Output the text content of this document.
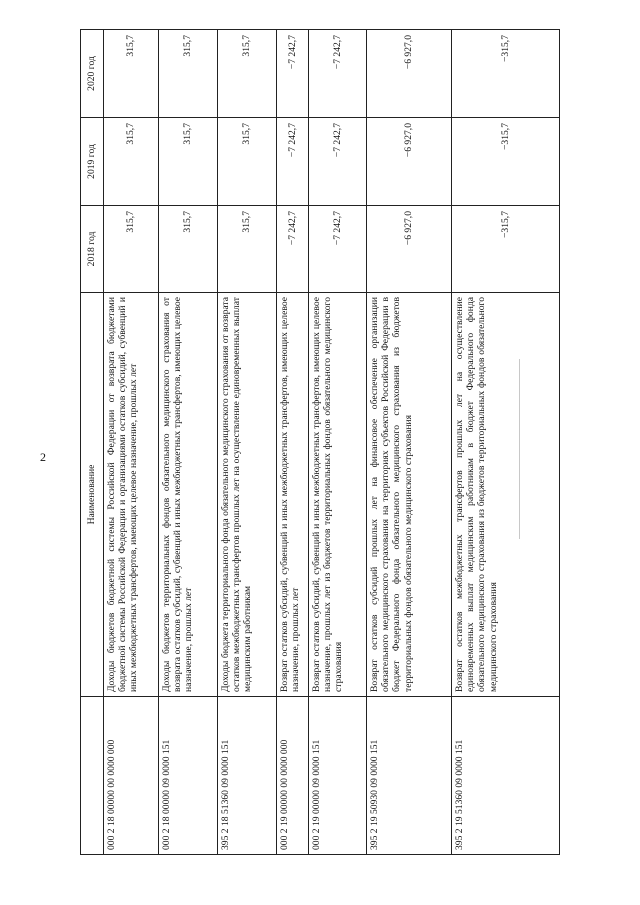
2
	Наименование	2018 год	2019 год	2020 год
000 2 18 00000 00 0000 000	Доходы бюджетов бюджетной системы Российской Федерации от возврата бюджетами бюджетной системы Российской Федерации и организациями остатков субсидий, субвенций и иных межбюджетных трансфертов, имеющих целевое назначение, прошлых лет	315,7	315,7	315,7
000 2 18 00000 09 0000 151	Доходы бюджетов территориальных фондов обязательного медицинского страхования от возврата остатков субсидий, субвенций и иных межбюджетных трансфертов, имеющих целевое назначение, прошлых лет	315,7	315,7	315,7
395 2 18 51360 09 0000 151	Доходы бюджета территориального фонда обязательного медицинского страхования от возврата остатков межбюджетных трансфертов прошлых лет на осуществление единовременных выплат медицинским работникам	315,7	315,7	315,7
000 2 19 00000 00 0000 000	Возврат остатков субсидий, субвенций и иных межбюджетных трансфертов, имеющих целевое назначение, прошлых лет	−7 242,7	−7 242,7	−7 242,7
000 2 19 00000 09 0000 151	Возврат остатков субсидий, субвенций и иных межбюджетных трансфертов, имеющих целевое назначение, прошлых лет из бюджетов территориальных фондов обязательного медицинского страхования	−7 242,7	−7 242,7	−7 242,7
395 2 19 50930 09 0000 151	Возврат остатков субсидий прошлых лет на финансовое обеспечение организации обязательного медицинского страхования на территориях субъектов Российской Федерации в бюджет Федерального фонда обязательного медицинского страхования из бюджетов территориальных фондов обязательного медицинского страхования	−6 927,0	−6 927,0	−6 927,0
395 2 19 51360 09 0000 151	Возврат остатков межбюджетных трансфертов прошлых лет на осуществление единовременных выплат медицинским работникам в бюджет Федерального фонда обязательного медицинского страхования из бюджетов территориальных фондов обязательного медицинского страхования	−315,7	−315,7	−315,7
